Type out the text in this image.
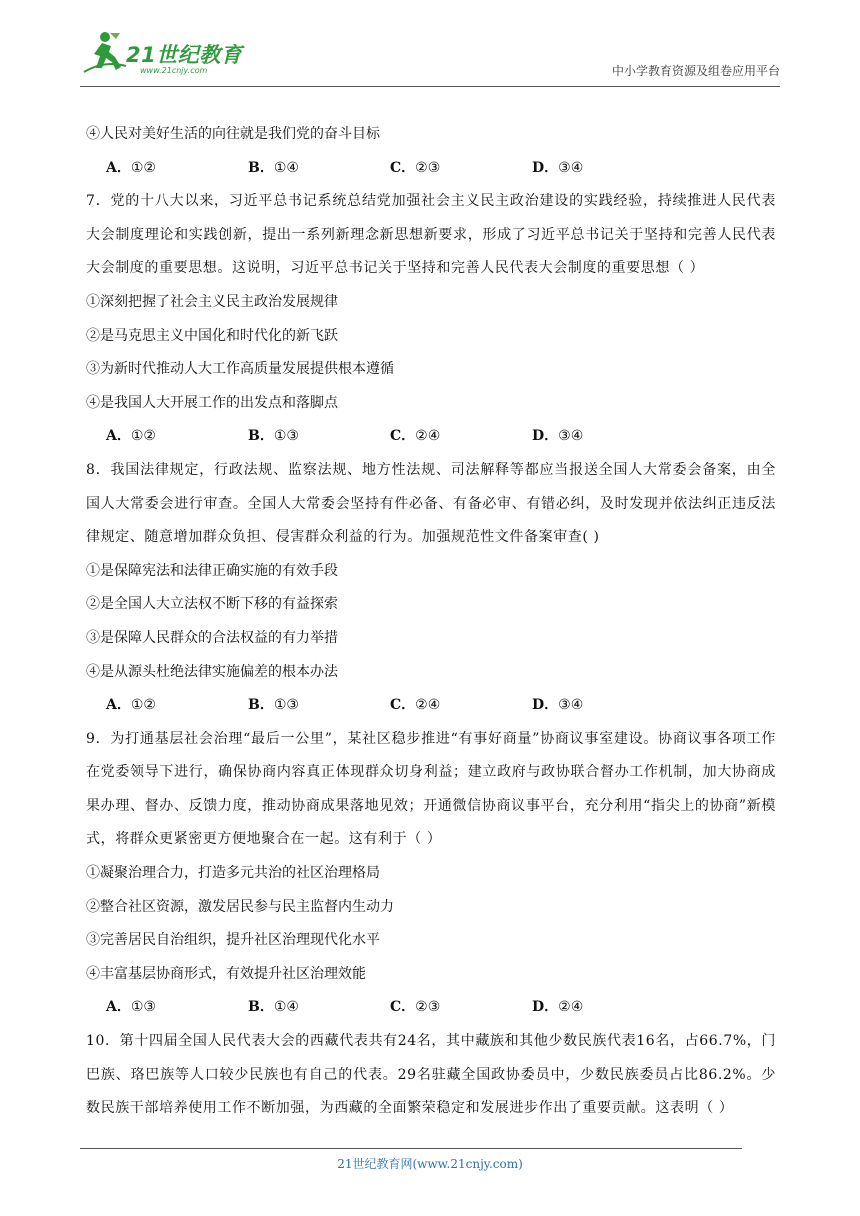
21世纪教育
www.21cnjy.com	中小学教育资源及组卷应用平台

④人民对美好生活的向往就是我们党的奋斗目标

A．①②	B．①④	C．②③	D．③④

7．党的十八大以来，习近平总书记系统总结党加强社会主义民主政治建设的实践经验，持续推进人民代表大会制度理论和实践创新，提出一系列新理念新思想新要求，形成了习近平总书记关于坚持和完善人民代表大会制度的重要思想。这说明，习近平总书记关于坚持和完善人民代表大会制度的重要思想（ ）

①深刻把握了社会主义民主政治发展规律

②是马克思主义中国化和时代化的新飞跃

③为新时代推动人大工作高质量发展提供根本遵循

④是我国人大开展工作的出发点和落脚点

A．①②	B．①③	C．②④	D．③④

8．我国法律规定，行政法规、监察法规、地方性法规、司法解释等都应当报送全国人大常委会备案，由全国人大常委会进行审查。全国人大常委会坚持有件必备、有备必审、有错必纠，及时发现并依法纠正违反法律规定、随意增加群众负担、侵害群众利益的行为。加强规范性文件备案审查( )

①是保障宪法和法律正确实施的有效手段

②是全国人大立法权不断下移的有益探索

③是保障人民群众的合法权益的有力举措

④是从源头杜绝法律实施偏差的根本办法

A．①②	B．①③	C．②④	D．③④

9．为打通基层社会治理“最后一公里”，某社区稳步推进“有事好商量”协商议事室建设。协商议事各项工作在党委领导下进行，确保协商内容真正体现群众切身利益；建立政府与政协联合督办工作机制，加大协商成果办理、督办、反馈力度，推动协商成果落地见效；开通微信协商议事平台，充分利用“指尖上的协商”新模式，将群众更紧密更方便地聚合在一起。这有利于（ ）

①凝聚治理合力，打造多元共治的社区治理格局

②整合社区资源，激发居民参与民主监督内生动力

③完善居民自治组织，提升社区治理现代化水平

④丰富基层协商形式，有效提升社区治理效能

A．①③	B．①④	C．②③	D．②④

10．第十四届全国人民代表大会的西藏代表共有24名，其中藏族和其他少数民族代表16名，占66.7%，门巴族、珞巴族等人口较少民族也有自己的代表。29名驻藏全国政协委员中，少数民族委员占比86.2%。少数民族干部培养使用工作不断加强，为西藏的全面繁荣稳定和发展进步作出了重要贡献。这表明（ ）

21世纪教育网(www.21cnjy.com)
